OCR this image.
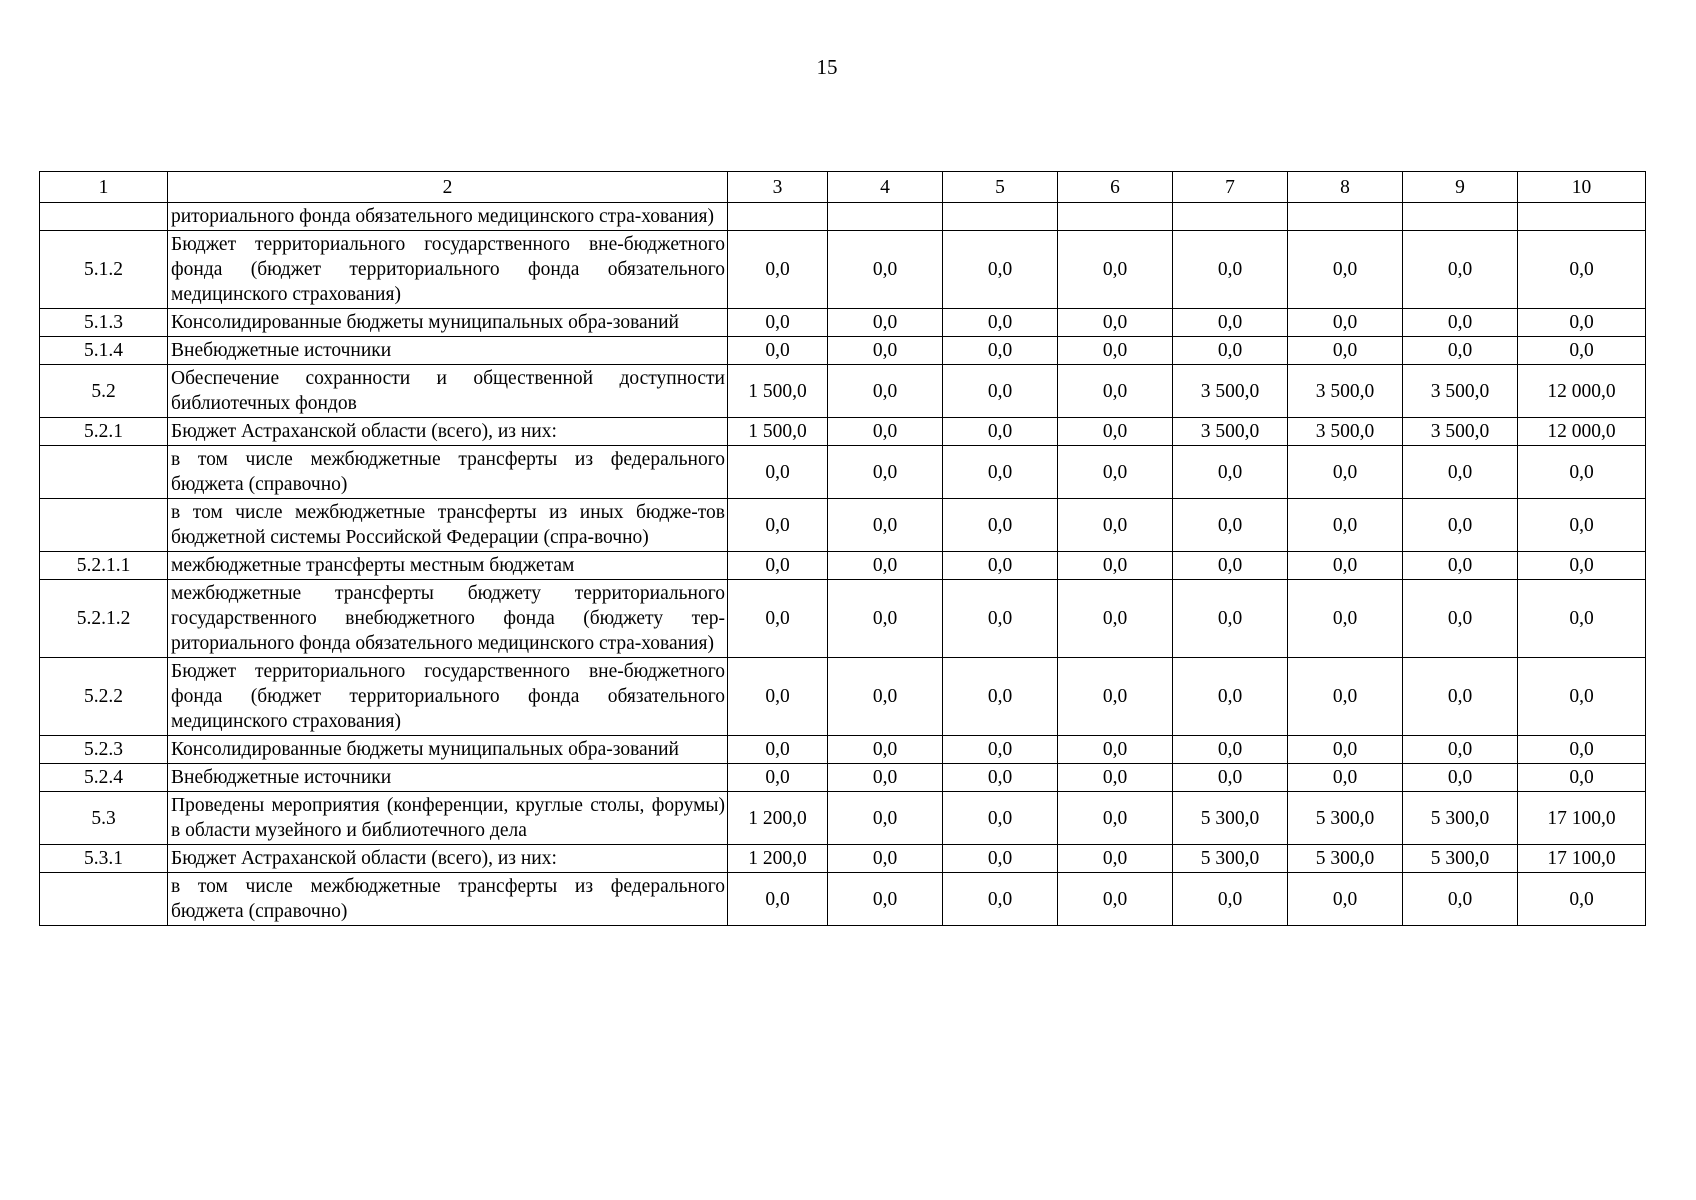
15
1	2	3	4	5	6	7	8	9	10
	риториального фонда обязательного медицинского стра-хования)								
5.1.2	Бюджет территориального государственного вне-бюджетного фонда (бюджет территориального фонда обязательного медицинского страхования)	0,0	0,0	0,0	0,0	0,0	0,0	0,0	0,0
5.1.3	Консолидированные бюджеты муниципальных обра-зований	0,0	0,0	0,0	0,0	0,0	0,0	0,0	0,0
5.1.4	Внебюджетные источники	0,0	0,0	0,0	0,0	0,0	0,0	0,0	0,0
5.2	Обеспечение сохранности и общественной доступности библиотечных фондов	1 500,0	0,0	0,0	0,0	3 500,0	3 500,0	3 500,0	12 000,0
5.2.1	Бюджет Астраханской области (всего), из них:	1 500,0	0,0	0,0	0,0	3 500,0	3 500,0	3 500,0	12 000,0
	в том числе межбюджетные трансферты из федерального бюджета (справочно)	0,0	0,0	0,0	0,0	0,0	0,0	0,0	0,0
	в том числе межбюджетные трансферты из иных бюдже-тов бюджетной системы Российской Федерации (спра-вочно)	0,0	0,0	0,0	0,0	0,0	0,0	0,0	0,0
5.2.1.1	межбюджетные трансферты местным бюджетам	0,0	0,0	0,0	0,0	0,0	0,0	0,0	0,0
5.2.1.2	межбюджетные трансферты бюджету территориального государственного внебюджетного фонда (бюджету тер-риториального фонда обязательного медицинского стра-хования)	0,0	0,0	0,0	0,0	0,0	0,0	0,0	0,0
5.2.2	Бюджет территориального государственного вне-бюджетного фонда (бюджет территориального фонда обязательного медицинского страхования)	0,0	0,0	0,0	0,0	0,0	0,0	0,0	0,0
5.2.3	Консолидированные бюджеты муниципальных обра-зований	0,0	0,0	0,0	0,0	0,0	0,0	0,0	0,0
5.2.4	Внебюджетные источники	0,0	0,0	0,0	0,0	0,0	0,0	0,0	0,0
5.3	Проведены мероприятия (конференции, круглые столы, форумы) в области музейного и библиотечного дела	1 200,0	0,0	0,0	0,0	5 300,0	5 300,0	5 300,0	17 100,0
5.3.1	Бюджет Астраханской области (всего), из них:	1 200,0	0,0	0,0	0,0	5 300,0	5 300,0	5 300,0	17 100,0
	в том числе межбюджетные трансферты из федерального бюджета (справочно)	0,0	0,0	0,0	0,0	0,0	0,0	0,0	0,0
